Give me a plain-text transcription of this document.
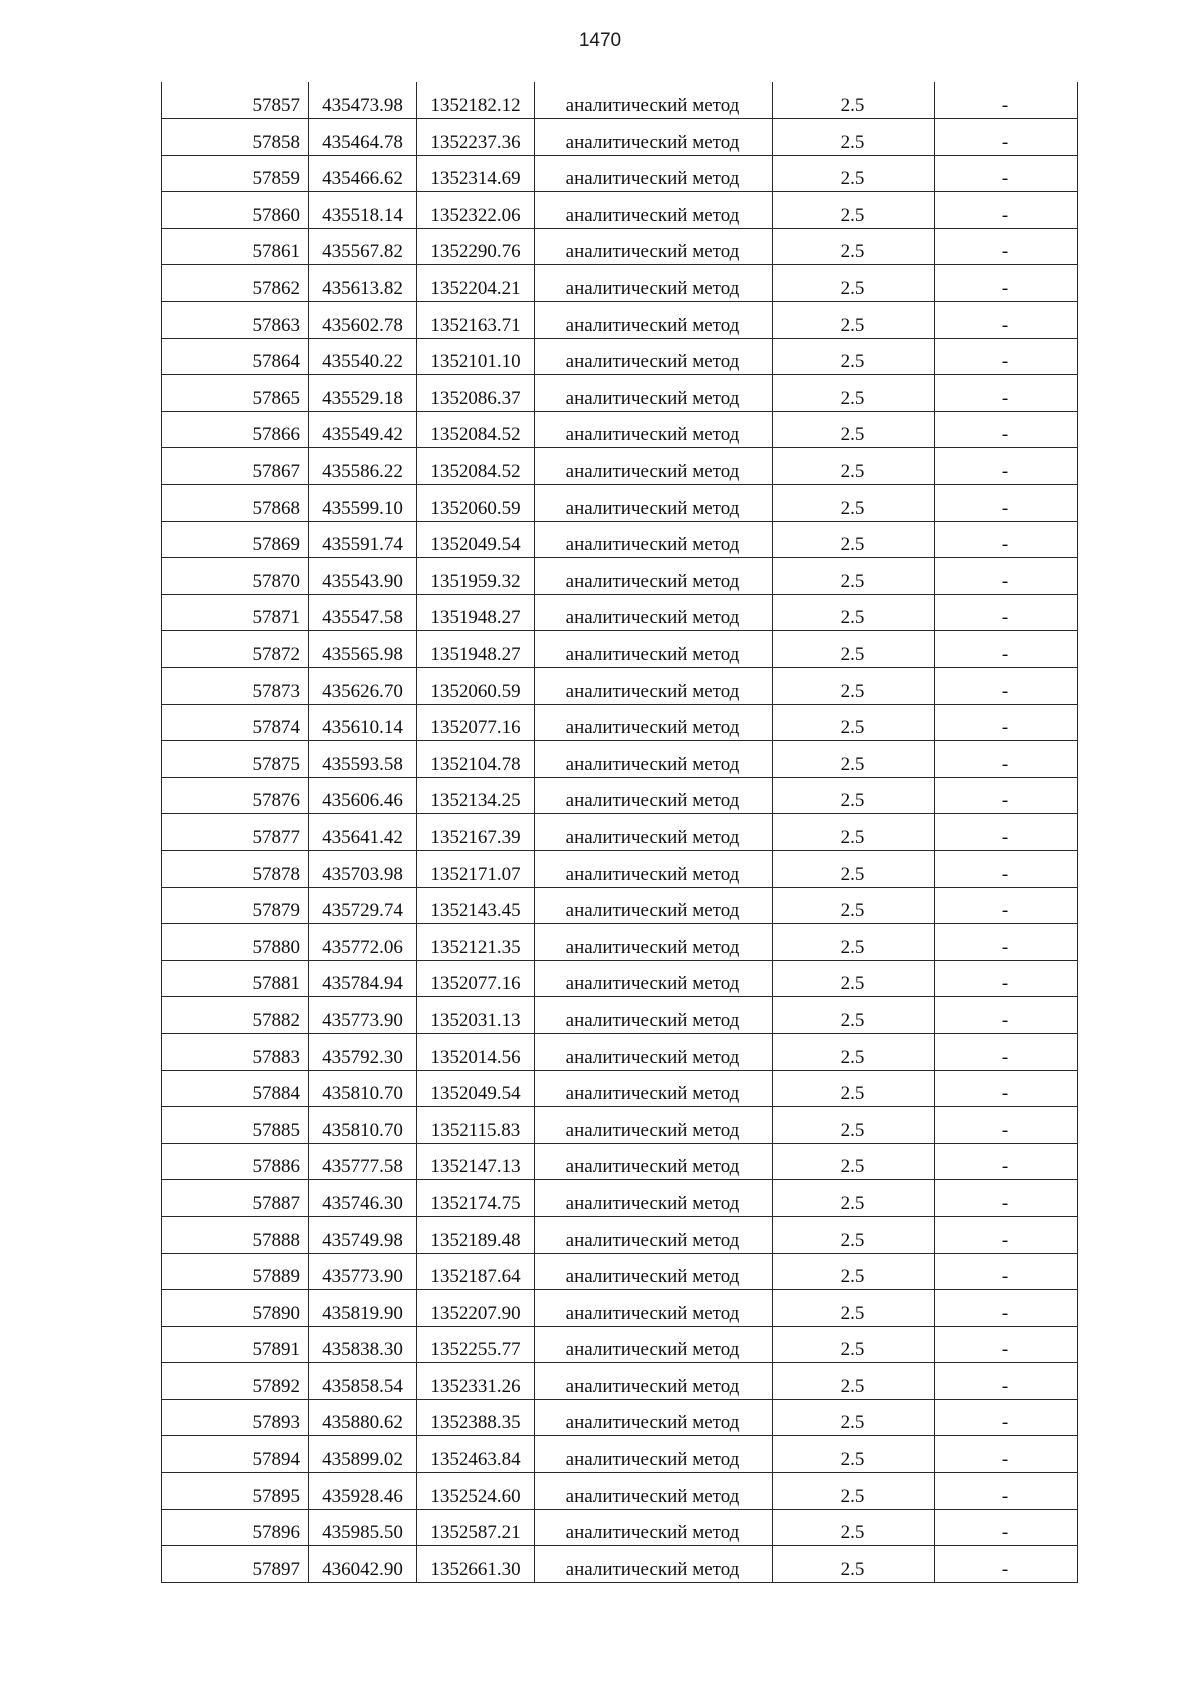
1470
57857	435473.98	1352182.12	аналитический метод	2.5	-
57858	435464.78	1352237.36	аналитический метод	2.5	-
57859	435466.62	1352314.69	аналитический метод	2.5	-
57860	435518.14	1352322.06	аналитический метод	2.5	-
57861	435567.82	1352290.76	аналитический метод	2.5	-
57862	435613.82	1352204.21	аналитический метод	2.5	-
57863	435602.78	1352163.71	аналитический метод	2.5	-
57864	435540.22	1352101.10	аналитический метод	2.5	-
57865	435529.18	1352086.37	аналитический метод	2.5	-
57866	435549.42	1352084.52	аналитический метод	2.5	-
57867	435586.22	1352084.52	аналитический метод	2.5	-
57868	435599.10	1352060.59	аналитический метод	2.5	-
57869	435591.74	1352049.54	аналитический метод	2.5	-
57870	435543.90	1351959.32	аналитический метод	2.5	-
57871	435547.58	1351948.27	аналитический метод	2.5	-
57872	435565.98	1351948.27	аналитический метод	2.5	-
57873	435626.70	1352060.59	аналитический метод	2.5	-
57874	435610.14	1352077.16	аналитический метод	2.5	-
57875	435593.58	1352104.78	аналитический метод	2.5	-
57876	435606.46	1352134.25	аналитический метод	2.5	-
57877	435641.42	1352167.39	аналитический метод	2.5	-
57878	435703.98	1352171.07	аналитический метод	2.5	-
57879	435729.74	1352143.45	аналитический метод	2.5	-
57880	435772.06	1352121.35	аналитический метод	2.5	-
57881	435784.94	1352077.16	аналитический метод	2.5	-
57882	435773.90	1352031.13	аналитический метод	2.5	-
57883	435792.30	1352014.56	аналитический метод	2.5	-
57884	435810.70	1352049.54	аналитический метод	2.5	-
57885	435810.70	1352115.83	аналитический метод	2.5	-
57886	435777.58	1352147.13	аналитический метод	2.5	-
57887	435746.30	1352174.75	аналитический метод	2.5	-
57888	435749.98	1352189.48	аналитический метод	2.5	-
57889	435773.90	1352187.64	аналитический метод	2.5	-
57890	435819.90	1352207.90	аналитический метод	2.5	-
57891	435838.30	1352255.77	аналитический метод	2.5	-
57892	435858.54	1352331.26	аналитический метод	2.5	-
57893	435880.62	1352388.35	аналитический метод	2.5	-
57894	435899.02	1352463.84	аналитический метод	2.5	-
57895	435928.46	1352524.60	аналитический метод	2.5	-
57896	435985.50	1352587.21	аналитический метод	2.5	-
57897	436042.90	1352661.30	аналитический метод	2.5	-
